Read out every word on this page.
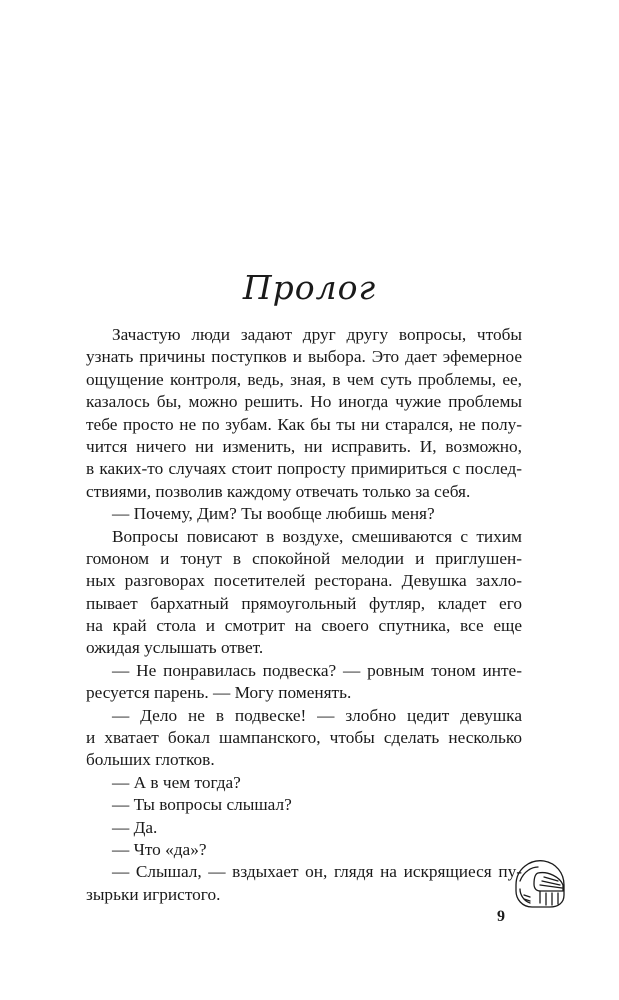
Пролог
Зачастую люди задают друг другу вопросы, чтобы
узнать причины поступков и выбора. Это дает эфемерное
ощущение контроля, ведь, зная, в чем суть проблемы, ее,
казалось бы, можно решить. Но иногда чужие проблемы
тебе просто не по зубам. Как бы ты ни старался, не полу-
чится ничего ни изменить, ни исправить. И, возможно,
в каких-то случаях стоит попросту примириться с послед-
ствиями, позволив каждому отвечать только за себя.
— Почему, Дим? Ты вообще любишь меня?
Вопросы повисают в воздухе, смешиваются с тихим
гомоном и тонут в спокойной мелодии и приглушен-
ных разговорах посетителей ресторана. Девушка захло-
пывает бархатный прямоугольный футляр, кладет его
на край стола и смотрит на своего спутника, все еще
ожидая услышать ответ.
— Не понравилась подвеска? — ровным тоном инте-
ресуется парень. — Могу поменять.
— Дело не в подвеске! — злобно цедит девушка
и хватает бокал шампанского, чтобы сделать несколько
больших глотков.
— А в чем тогда?
— Ты вопросы слышал?
— Да.
— Что «да»?
— Слышал, — вздыхает он, глядя на искрящиеся пу-
зырьки игристого.
9
